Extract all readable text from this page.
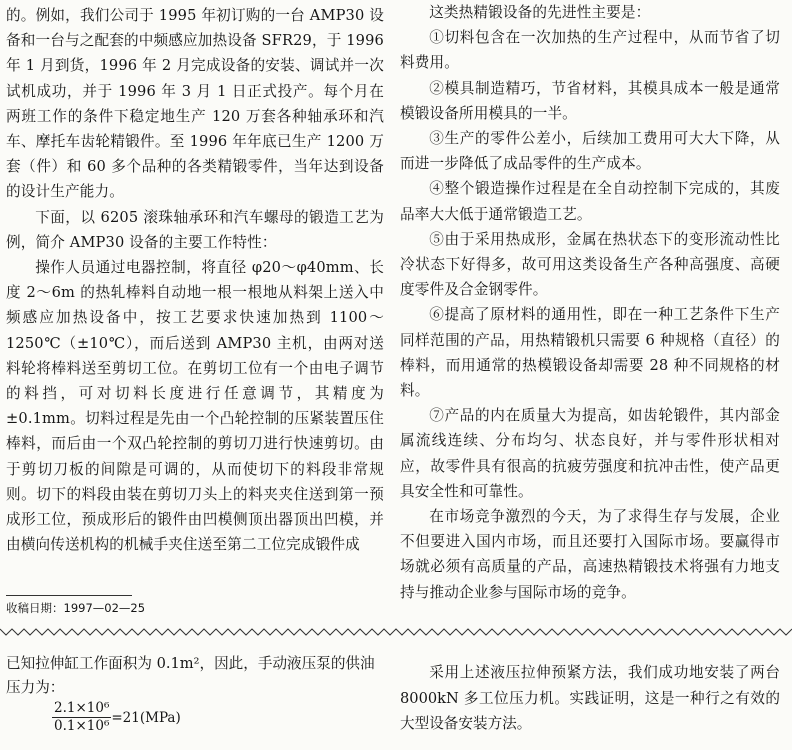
的。例如，我们公司于 1995 年初订购的一台 AMP30 设备和一台与之配套的中频感应加热设备 SFR29，于 1996 年 1 月到货，1996 年 2 月完成设备的安装、调试并一次试机成功，并于 1996 年 3 月 1 日正式投产。每个月在两班工作的条件下稳定地生产 120 万套各种轴承环和汽车、摩托车齿轮精锻件。至 1996 年年底已生产 1200 万套（件）和 60 多个品种的各类精锻零件，当年达到设备的设计生产能力。

下面，以 6205 滚珠轴承环和汽车螺母的锻造工艺为例，简介 AMP30 设备的主要工作特性：

操作人员通过电器控制，将直径 φ20～φ40mm、长度 2～6m 的热轧棒料自动地一根一根地从料架上送入中频感应加热设备中，按工艺要求快速加热到 1100～1250℃（±10℃），而后送到 AMP30 主机，由两对送料轮将棒料送至剪切工位。在剪切工位有一个由电子调节的料挡，可对切料长度进行任意调节，其精度为±0.1mm。切料过程是先由一个凸轮控制的压紧装置压住棒料，而后由一个双凸轮控制的剪切刀进行快速剪切。由于剪切刀板的间隙是可调的，从而使切下的料段非常规则。切下的料段由装在剪切刀头上的料夹夹住送到第一预成形工位，预成形后的锻件由凹模侧顶出器顶出凹模，并由横向传送机构的机械手夹住送至第二工位完成锻件成

收稿日期：1997—02—25

这类热精锻设备的先进性主要是：

①切料包含在一次加热的生产过程中，从而节省了切料费用。

②模具制造精巧，节省材料，其模具成本一般是通常模锻设备所用模具的一半。

③生产的零件公差小，后续加工费用可大大下降，从而进一步降低了成品零件的生产成本。

④整个锻造操作过程是在全自动控制下完成的，其废品率大大低于通常锻造工艺。

⑤由于采用热成形，金属在热状态下的变形流动性比冷状态下好得多，故可用这类设备生产各种高强度、高硬度零件及合金钢零件。

⑥提高了原材料的通用性，即在一种工艺条件下生产同样范围的产品，用热精锻机只需要 6 种规格（直径）的棒料，而用通常的热模锻设备却需要 28 种不同规格的材料。

⑦产品的内在质量大为提高，如齿轮锻件，其内部金属流线连续、分布均匀、状态良好，并与零件形状相对应，故零件具有很高的抗疲劳强度和抗冲击性，使产品更具安全性和可靠性。

在市场竞争激烈的今天，为了求得生存与发展，企业不但要进入国内市场，而且还要打入国际市场。要赢得市场就必须有高质量的产品，高速热精锻技术将强有力地支持与推动企业参与国际市场的竞争。

已知拉伸缸工作面积为 0.1m²，因此，手动液压泵的供油压力为：

$\frac{\text{2.1×10⁶}}{\text{0.1×10⁶}} =21(MPa)$

采用上述液压拉伸预紧方法，我们成功地安装了两台 8000kN 多工位压力机。实践证明，这是一种行之有效的大型设备安装方法。
